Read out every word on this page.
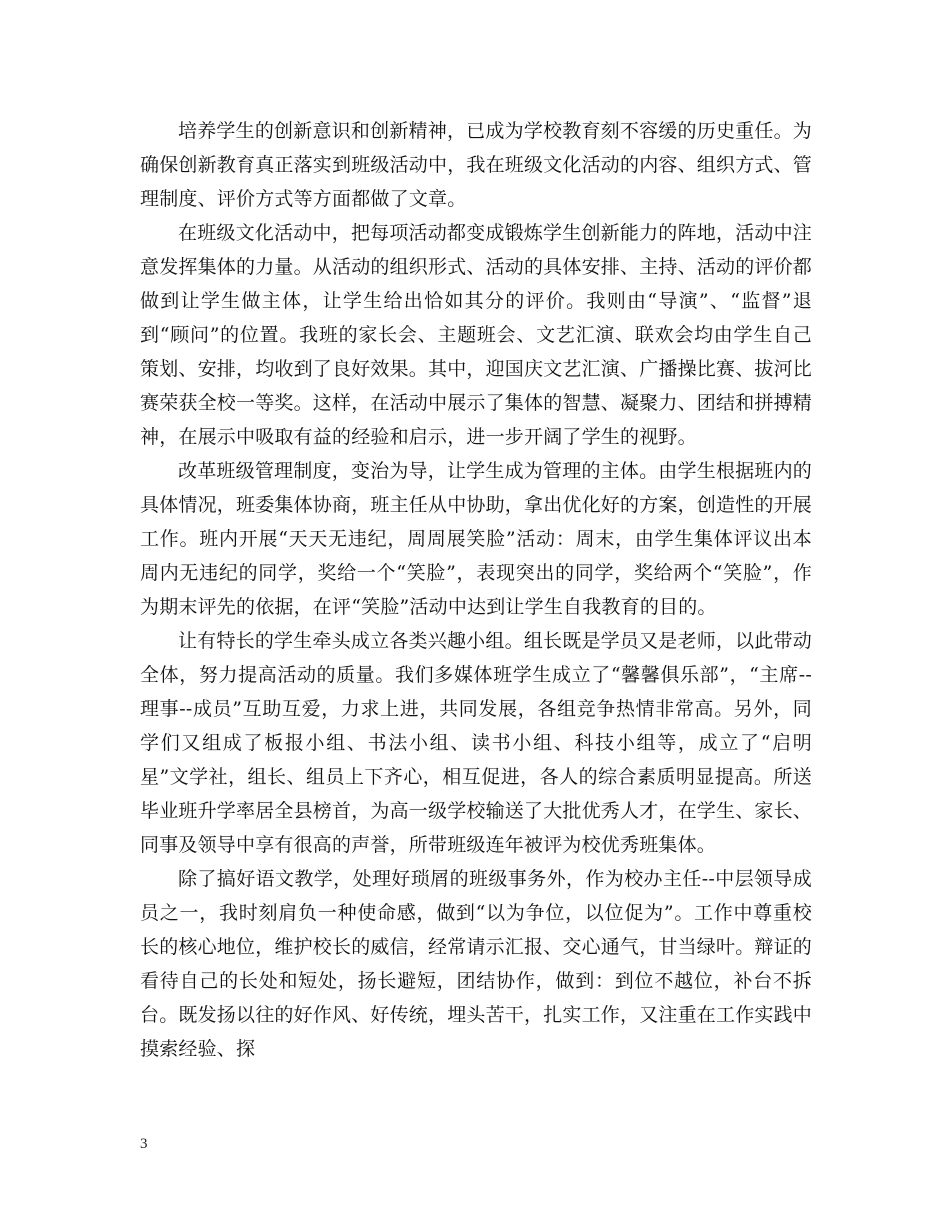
培养学生的创新意识和创新精神，已成为学校教育刻不容缓的历史重任。为确保创新教育真正落实到班级活动中，我在班级文化活动的内容、组织方式、管理制度、评价方式等方面都做了文章。

在班级文化活动中，把每项活动都变成锻炼学生创新能力的阵地，活动中注意发挥集体的力量。从活动的组织形式、活动的具体安排、主持、活动的评价都做到让学生做主体，让学生给出恰如其分的评价。我则由“导演”、“监督”退到“顾问”的位置。我班的家长会、主题班会、文艺汇演、联欢会均由学生自己策划、安排，均收到了良好效果。其中，迎国庆文艺汇演、广播操比赛、拔河比赛荣获全校一等奖。这样，在活动中展示了集体的智慧、凝聚力、团结和拼搏精神，在展示中吸取有益的经验和启示，进一步开阔了学生的视野。

改革班级管理制度，变治为导，让学生成为管理的主体。由学生根据班内的具体情况，班委集体协商，班主任从中协助，拿出优化好的方案，创造性的开展工作。班内开展“天天无违纪，周周展笑脸”活动：周末，由学生集体评议出本周内无违纪的同学，奖给一个“笑脸”，表现突出的同学，奖给两个“笑脸”，作为期末评先的依据，在评“笑脸”活动中达到让学生自我教育的目的。

让有特长的学生牵头成立各类兴趣小组。组长既是学员又是老师，以此带动全体，努力提高活动的质量。我们多媒体班学生成立了“馨馨俱乐部”，“主席--理事--成员”互助互爱，力求上进，共同发展，各组竞争热情非常高。另外，同学们又组成了板报小组、书法小组、读书小组、科技小组等，成立了“启明星”文学社，组长、组员上下齐心，相互促进，各人的综合素质明显提高。所送毕业班升学率居全县榜首，为高一级学校输送了大批优秀人才，在学生、家长、同事及领导中享有很高的声誉，所带班级连年被评为校优秀班集体。

除了搞好语文教学，处理好琐屑的班级事务外，作为校办主任--中层领导成员之一，我时刻肩负一种使命感，做到“以为争位，以位促为”。工作中尊重校长的核心地位，维护校长的威信，经常请示汇报、交心通气，甘当绿叶。辩证的看待自己的长处和短处，扬长避短，团结协作，做到：到位不越位，补台不拆台。既发扬以往的好作风、好传统，埋头苦干，扎实工作，又注重在工作实践中摸索经验、探

3
